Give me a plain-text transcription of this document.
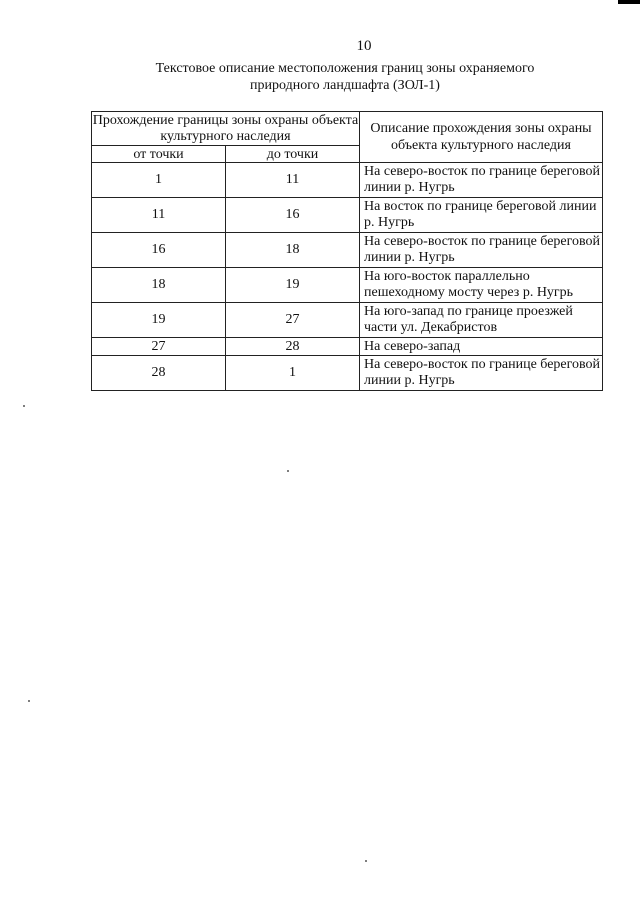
10
Текстовое описание местоположения границ зоны охраняемого
природного ландшафта (ЗОЛ-1)
Прохождение границы зоны охраны объекта культурного наследия		Описание прохождения зоны охраны объекта культурного наследия
от точки	до точки	
1	11	На северо-восток по границе береговой линии р. Нугрь
11	16	На восток по границе береговой линии р. Нугрь
16	18	На северо-восток по границе береговой линии р. Нугрь
18	19	На юго-восток параллельно пешеходному мосту через р. Нугрь
19	27	На юго-запад по границе проезжей части ул. Декабристов
27	28	На северо-запад
28	1	На северо-восток по границе береговой линии р. Нугрь
